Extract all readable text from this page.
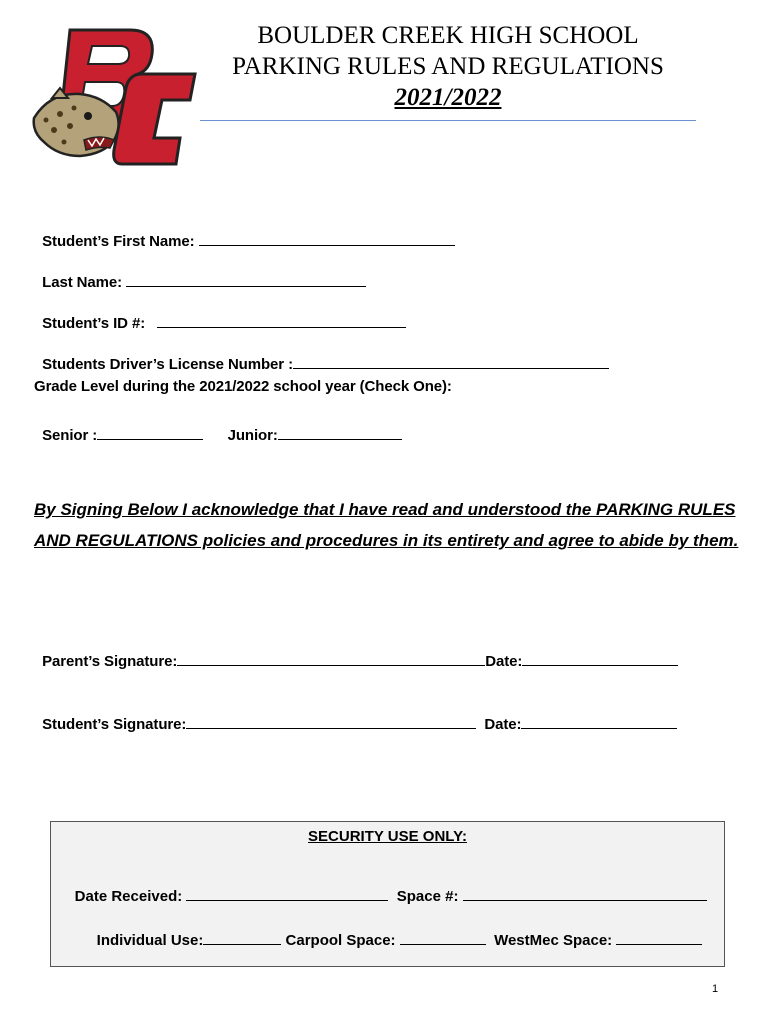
BOULDER CREEK HIGH SCHOOL
PARKING RULES AND REGULATIONS
2021/2022

Student’s First Name:

Last Name:

Student’s ID #:

Students Driver’s License Number :

Grade Level during the 2021/2022 school year (Check One):

Senior :	Junior:

By Signing Below I acknowledge that I have read and understood the PARKING RULES AND REGULATIONS policies and procedures in its entirety and agree to abide by them.

Parent’s Signature:	Date:

Student’s Signature:	Date:

SECURITY USE ONLY:

Date Received:	Space #:

Individual Use:	Carpool Space:	WestMec Space:

1
